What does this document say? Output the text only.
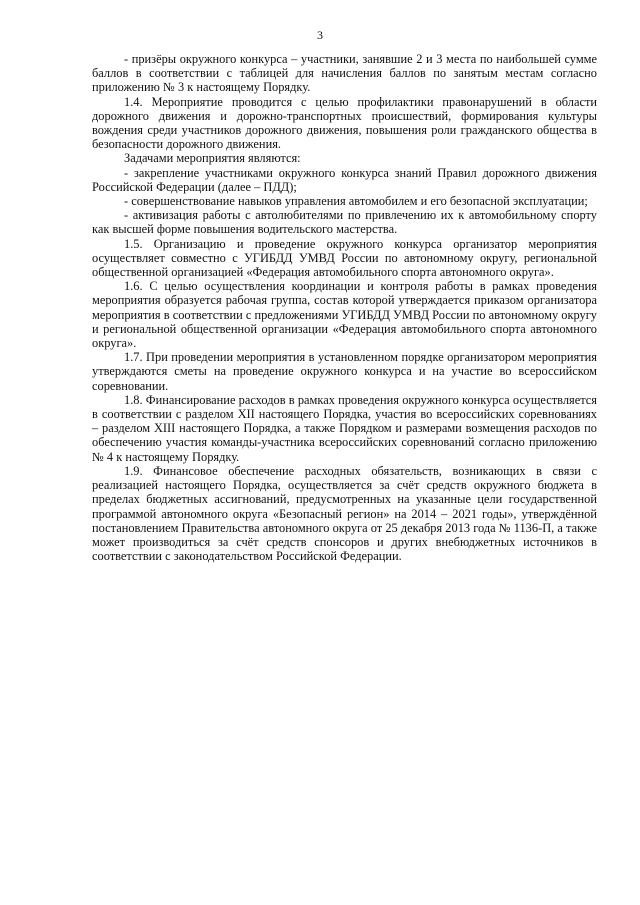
3

- призёры окружного конкурса – участники, занявшие 2 и 3 места по наибольшей сумме баллов в соответствии с таблицей для начисления баллов по занятым местам согласно приложению № 3 к настоящему Порядку.

1.4. Мероприятие проводится с целью профилактики правонарушений в области дорожного движения и дорожно-транспортных происшествий, формирования культуры вождения среди участников дорожного движения, повышения роли гражданского общества в безопасности дорожного движения.

Задачами мероприятия являются:

- закрепление участниками окружного конкурса знаний Правил дорожного движения Российской Федерации (далее – ПДД);

- совершенствование навыков управления автомобилем и его безопасной эксплуатации;

- активизация работы с автолюбителями по привлечению их к автомобильному спорту как высшей форме повышения водительского мастерства.

1.5. Организацию и проведение окружного конкурса организатор мероприятия осуществляет совместно с УГИБДД УМВД России по автономному округу, региональной общественной организацией «Федерация автомобильного спорта автономного округа».

1.6. С целью осуществления координации и контроля работы в рамках проведения мероприятия образуется рабочая группа, состав которой утверждается приказом организатора мероприятия в соответствии с предложениями УГИБДД УМВД России по автономному округу и региональной общественной организации «Федерация автомобильного спорта автономного округа».

1.7. При проведении мероприятия в установленном порядке организатором мероприятия утверждаются сметы на проведение окружного конкурса и на участие во всероссийском соревновании.

1.8. Финансирование расходов в рамках проведения окружного конкурса осуществляется в соответствии с разделом XII настоящего Порядка, участия во всероссийских соревнованиях – разделом XIII настоящего Порядка, а также Порядком и размерами возмещения расходов по обеспечению участия команды-участника всероссийских соревнований согласно приложению № 4 к настоящему Порядку.

1.9. Финансовое обеспечение расходных обязательств, возникающих в связи с реализацией настоящего Порядка, осуществляется за счёт средств окружного бюджета в пределах бюджетных ассигнований, предусмотренных на указанные цели государственной программой автономного округа «Безопасный регион» на 2014 – 2021 годы», утверждённой постановлением Правительства автономного округа от 25 декабря 2013 года № 1136-П, а также может производиться за счёт средств спонсоров и других внебюджетных источников в соответствии с законодательством Российской Федерации.
